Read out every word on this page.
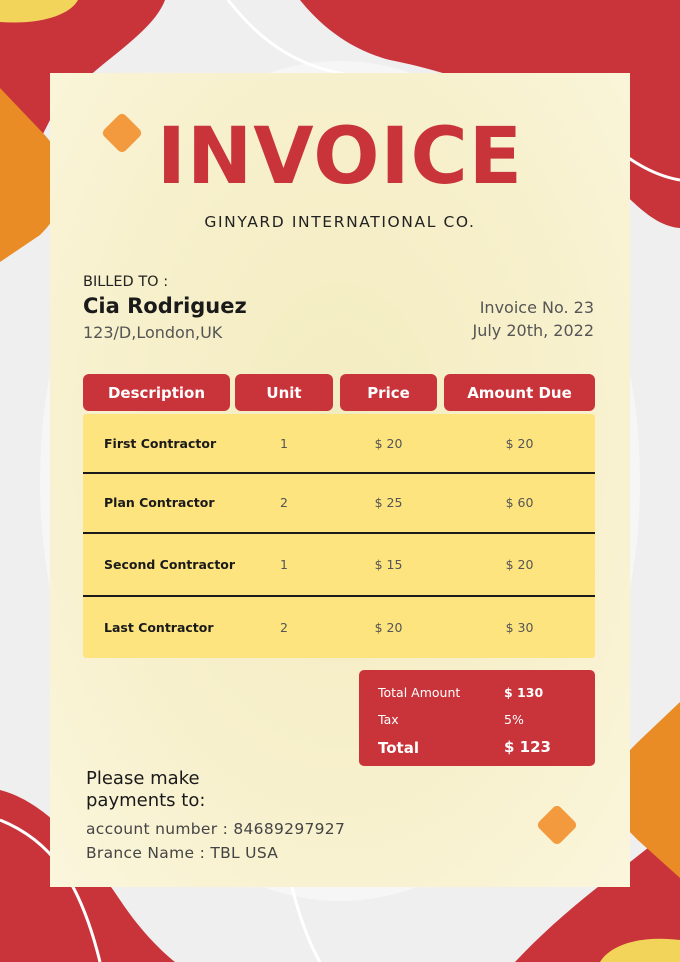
INVOICE
GINYARD INTERNATIONAL CO.
BILLED TO :
Cia Rodriguez
123/D,London,UK
Invoice No. 23
July 20th, 2022
Description	Unit	Price	Amount Due
First Contractor	1	$ 20	$ 20
Plan Contractor	2	$ 25	$ 60
Second Contractor	1	$ 15	$ 20
Last Contractor	2	$ 20	$ 30
Total Amount	$ 130
Tax	5%
Total	$ 123
Please make
payments to:
account number : 84689297927
Brance Name : TBL USA
